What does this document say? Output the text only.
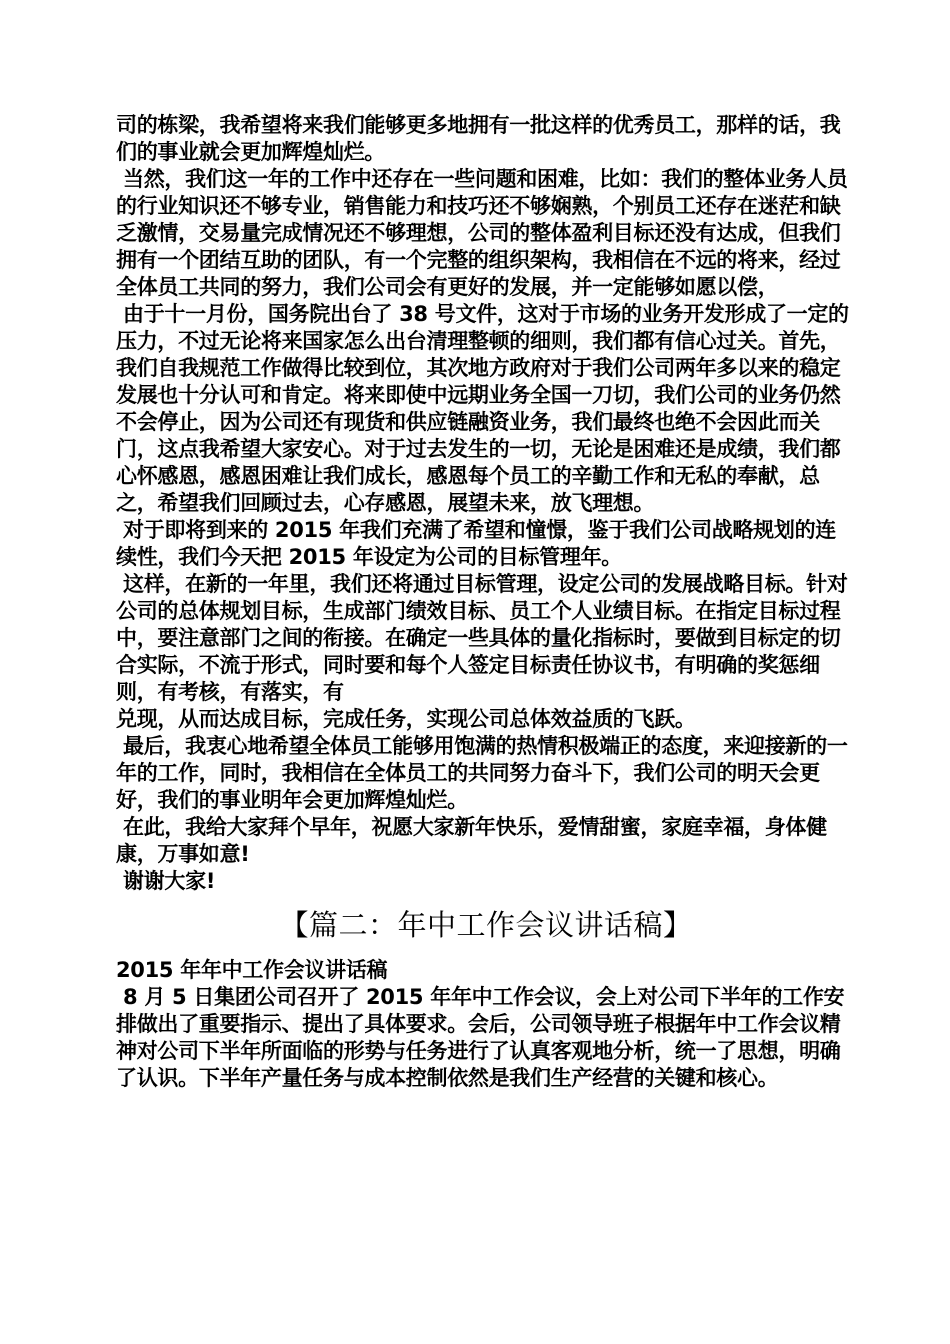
司的栋梁，我希望将来我们能够更多地拥有一批这样的优秀员工，那样的话，我们的事业就会更加辉煌灿烂。

当然，我们这一年的工作中还存在一些问题和困难，比如：我们的整体业务人员的行业知识还不够专业，销售能力和技巧还不够娴熟，个别员工还存在迷茫和缺乏激情，交易量完成情况还不够理想，公司的整体盈利目标还没有达成，但我们拥有一个团结互助的团队，有一个完整的组织架构，我相信在不远的将来，经过全体员工共同的努力，我们公司会有更好的发展，并一定能够如愿以偿，

由于十一月份，国务院出台了 38 号文件，这对于市场的业务开发形成了一定的压力，不过无论将来国家怎么出台清理整顿的细则，我们都有信心过关。首先，我们自我规范工作做得比较到位，其次地方政府对于我们公司两年多以来的稳定发展也十分认可和肯定。将来即使中远期业务全国一刀切，我们公司的业务仍然不会停止，因为公司还有现货和供应链融资业务，我们最终也绝不会因此而关门，这点我希望大家安心。对于过去发生的一切，无论是困难还是成绩，我们都心怀感恩，感恩困难让我们成长，感恩每个员工的辛勤工作和无私的奉献，总之，希望我们回顾过去，心存感恩，展望未来，放飞理想。

对于即将到来的 2015 年我们充满了希望和憧憬，鉴于我们公司战略规划的连续性，我们今天把 2015 年设定为公司的目标管理年。

这样，在新的一年里，我们还将通过目标管理，设定公司的发展战略目标。针对公司的总体规划目标，生成部门绩效目标、员工个人业绩目标。在指定目标过程中，要注意部门之间的衔接。在确定一些具体的量化指标时，要做到目标定的切合实际，不流于形式，同时要和每个人签定目标责任协议书，有明确的奖惩细则，有考核，有落实，有

兑现，从而达成目标，完成任务，实现公司总体效益质的飞跃。

最后，我衷心地希望全体员工能够用饱满的热情积极端正的态度，来迎接新的一年的工作，同时，我相信在全体员工的共同努力奋斗下，我们公司的明天会更好，我们的事业明年会更加辉煌灿烂。

在此，我给大家拜个早年，祝愿大家新年快乐，爱情甜蜜，家庭幸福，身体健康，万事如意!

谢谢大家!

【篇二：年中工作会议讲话稿】

2015 年年中工作会议讲话稿

8 月 5 日集团公司召开了 2015 年年中工作会议，会上对公司下半年的工作安排做出了重要指示、提出了具体要求。会后，公司领导班子根据年中工作会议精神对公司下半年所面临的形势与任务进行了认真客观地分析，统一了思想，明确了认识。下半年产量任务与成本控制依然是我们生产经营的关键和核心。
